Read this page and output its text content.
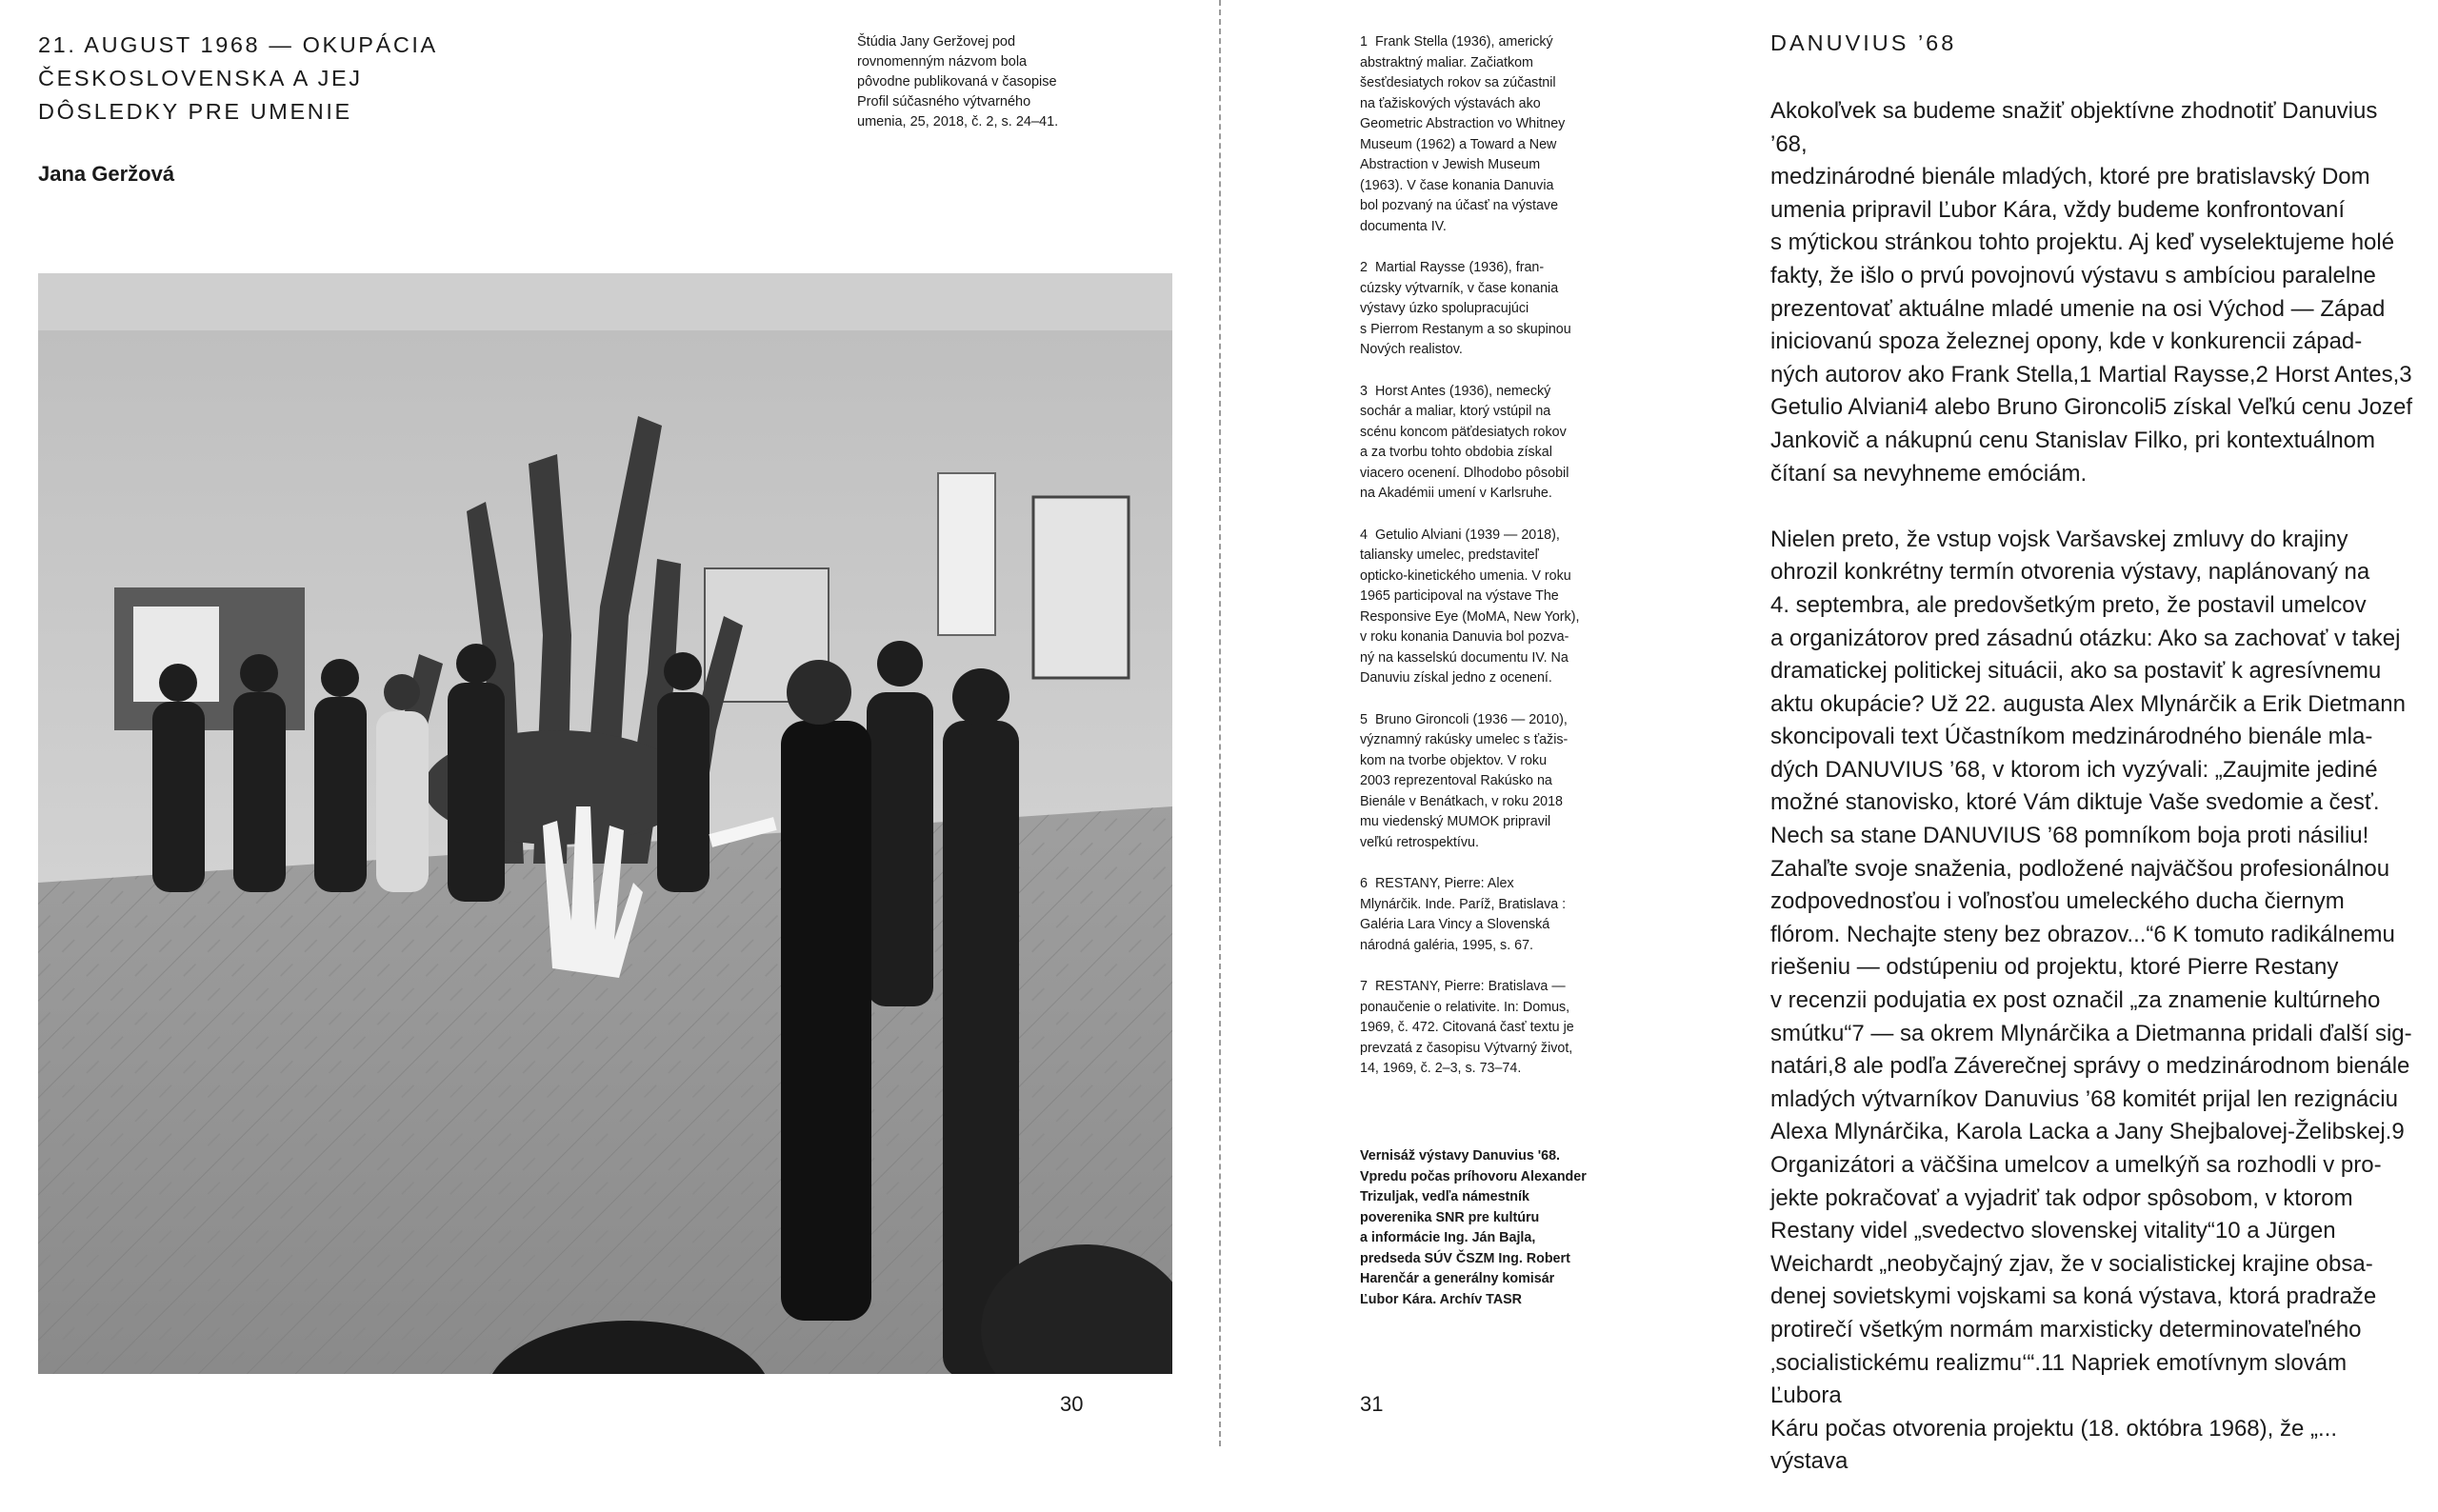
21. AUGUST 1968 — OKUPÁCIA
ČESKOSLOVENSKA A JEJ
DÔSLEDKY PRE UMENIE

Jana Geržová

Štúdia Jany Geržovej pod
rovnomenným názvom bola
pôvodne publikovaná v časopise
Profil súčasného výtvarného
umenia, 25, 2018, č. 2, s. 24–41.

30

1 Frank Stella (1936), americký
abstraktný maliar. Začiatkom
šesťdesiatych rokov sa zúčastnil
na ťažiskových výstavách ako
Geometric Abstraction vo Whitney
Museum (1962) a Toward a New
Abstraction v Jewish Museum
(1963). V čase konania Danuvia
bol pozvaný na účasť na výstave
documenta IV.

2 Martial Raysse (1936), fran-
cúzsky výtvarník, v čase konania
výstavy úzko spolupracujúci
s Pierrom Restanym a so skupinou
Nových realistov.

3 Horst Antes (1936), nemecký
sochár a maliar, ktorý vstúpil na
scénu koncom päťdesiatych rokov
a za tvorbu tohto obdobia získal
viacero ocenení. Dlhodobo pôsobil
na Akadémii umení v Karlsruhe.

4 Getulio Alviani (1939 — 2018),
taliansky umelec, predstaviteľ
opticko-kinetického umenia. V roku
1965 participoval na výstave The
Responsive Eye (MoMA, New York),
v roku konania Danuvia bol pozva-
ný na kasselskú documentu IV. Na
Danuviu získal jedno z ocenení.

5 Bruno Gironcoli (1936 — 2010),
významný rakúsky umelec s ťažis-
kom na tvorbe objektov. V roku
2003 reprezentoval Rakúsko na
Bienále v Benátkach, v roku 2018
mu viedenský MUMOK pripravil
veľkú retrospektívu.

6 RESTANY, Pierre: Alex
Mlynárčik. Inde. Paríž, Bratislava :
Galéria Lara Vincy a Slovenská
národná galéria, 1995, s. 67.

7 RESTANY, Pierre: Bratislava —
ponaučenie o relativite. In: Domus,
1969, č. 472. Citovaná časť textu je
prevzatá z časopisu Výtvarný život,
14, 1969, č. 2–3, s. 73–74.

Vernisáž výstavy Danuvius '68.
Vpredu počas príhovoru Alexander
Trizuljak, vedľa námestník
poverenika SNR pre kultúru
a informácie Ing. Ján Bajla,
predseda SÚV ČSZM Ing. Robert
Harenčár a generálny komisár
Ľubor Kára. Archív TASR

DANUVIUS ’68

Akokoľvek sa budeme snažiť objektívne zhodnotiť Danuvius ’68,
medzinárodné bienále mladých, ktoré pre bratislavský Dom
umenia pripravil Ľubor Kára, vždy budeme konfrontovaní
s mýtickou stránkou tohto projektu. Aj keď vyselektujeme holé
fakty, že išlo o prvú povojnovú výstavu s ambíciou paralelne
prezentovať aktuálne mladé umenie na osi Východ — Západ
iniciovanú spoza železnej opony, kde v konkurencii západ-
ných autorov ako Frank Stella,1 Martial Raysse,2 Horst Antes,3
Getulio Alviani4 alebo Bruno Gironcoli5 získal Veľkú cenu Jozef
Jankovič a nákupnú cenu Stanislav Filko, pri kontextuálnom
čítaní sa nevyhneme emóciám.

Nielen preto, že vstup vojsk Varšavskej zmluvy do krajiny
ohrozil konkrétny termín otvorenia výstavy, naplánovaný na
4. septembra, ale predovšetkým preto, že postavil umelcov
a organizátorov pred zásadnú otázku: Ako sa zachovať v takej
dramatickej politickej situácii, ako sa postaviť k agresívnemu
aktu okupácie? Už 22. augusta Alex Mlynárčik a Erik Dietmann
skoncipovali text Účastníkom medzinárodného bienále mla-
dých DANUVIUS ’68, v ktorom ich vyzývali: „Zaujmite jediné
možné stanovisko, ktoré Vám diktuje Vaše svedomie a česť.
Nech sa stane DANUVIUS ’68 pomníkom boja proti násiliu!
Zahaľte svoje snaženia, podložené najväčšou profesionálnou
zodpovednosťou i voľnosťou umeleckého ducha čiernym
flórom. Nechajte steny bez obrazov...“6 K tomuto radikálnemu
riešeniu — odstúpeniu od projektu, ktoré Pierre Restany
v recenzii podujatia ex post označil „za znamenie kultúrneho
smútku“7 — sa okrem Mlynárčika a Dietmanna pridali ďalší sig-
natári,8 ale podľa Záverečnej správy o medzinárodnom bienále
mladých výtvarníkov Danuvius ’68 komitét prijal len rezignáciu
Alexa Mlynárčika, Karola Lacka a Jany Shejbalovej-Želibskej.9
Organizátori a väčšina umelcov a umelkýň sa rozhodli v pro-
jekte pokračovať a vyjadriť tak odpor spôsobom, v ktorom
Restany videl „svedectvo slovenskej vitality“10 a Jürgen
Weichardt „neobyčajný zjav, že v socialistickej krajine obsa-
denej sovietskymi vojskami sa koná výstava, ktorá pradraže
protirečí všetkým normám marxisticky determinovateľného
‚socialistickému realizmu‘“.11 Napriek emotívnym slovám Ľubora
Káru počas otvorenia projektu (18. októbra 1968), že „... výstava

31
